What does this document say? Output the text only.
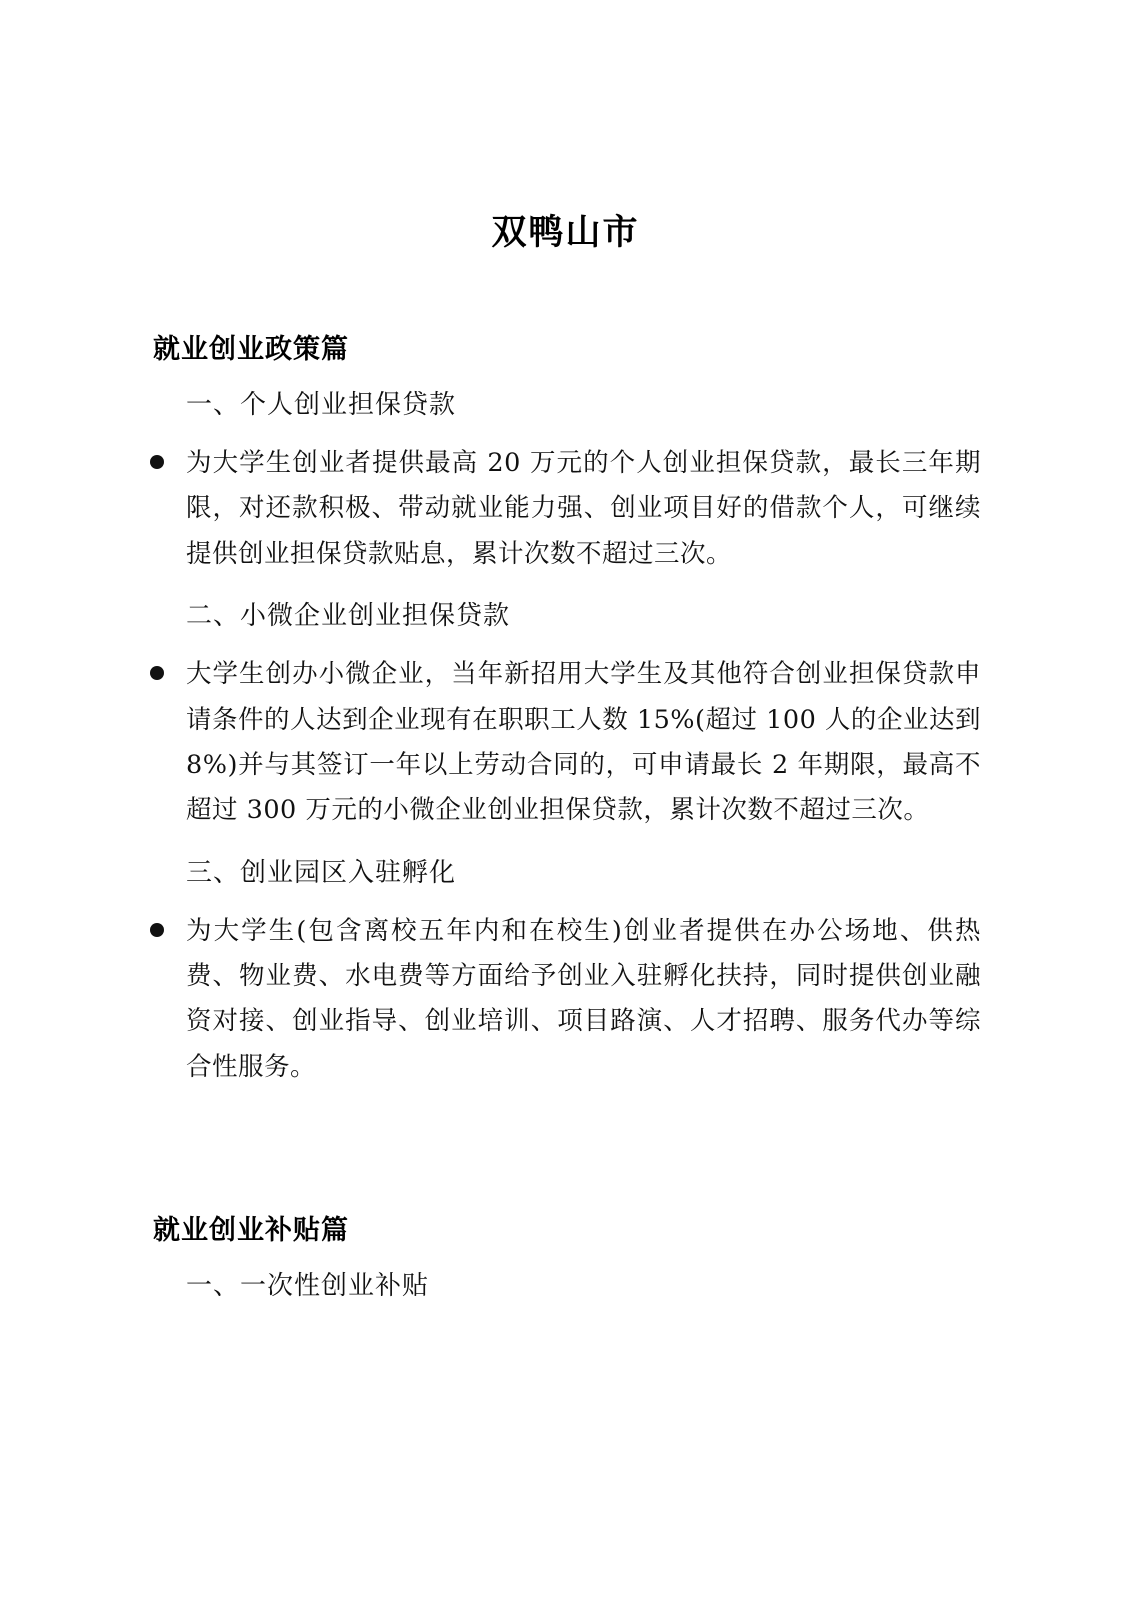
双鸭山市
就业创业政策篇

一、个人创业担保贷款

为大学生创业者提供最高 20 万元的个人创业担保贷款，最长三年期限，对还款积极、带动就业能力强、创业项目好的借款个人，可继续提供创业担保贷款贴息，累计次数不超过三次。

二、小微企业创业担保贷款

大学生创办小微企业，当年新招用大学生及其他符合创业担保贷款申请条件的人达到企业现有在职职工人数 15%(超过 100 人的企业达到 8%)并与其签订一年以上劳动合同的，可申请最长 2 年期限，最高不超过 300 万元的小微企业创业担保贷款，累计次数不超过三次。

三、创业园区入驻孵化

为大学生(包含离校五年内和在校生)创业者提供在办公场地、供热费、物业费、水电费等方面给予创业入驻孵化扶持，同时提供创业融资对接、创业指导、创业培训、项目路演、人才招聘、服务代办等综合性服务。
就业创业补贴篇

一、一次性创业补贴
